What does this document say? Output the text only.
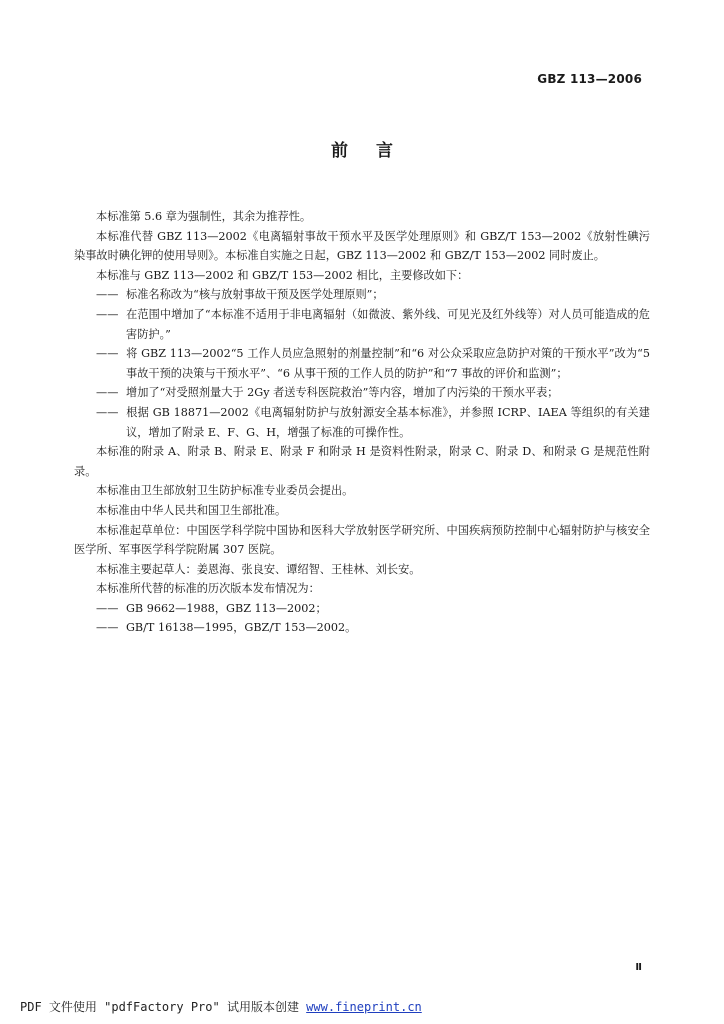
GBZ 113—2006
前言

本标准第 5.6 章为强制性，其余为推荐性。

本标准代替 GBZ 113—2002《电离辐射事故干预水平及医学处理原则》和 GBZ/T 153—2002《放射性碘污染事故时碘化钾的使用导则》。本标准自实施之日起，GBZ 113—2002 和 GBZ/T 153—2002 同时废止。

本标准与 GBZ 113—2002 和 GBZ/T 153—2002 相比，主要修改如下：

—— 标准名称改为“核与放射事故干预及医学处理原则”；

—— 在范围中增加了“本标准不适用于非电离辐射（如微波、紫外线、可见光及红外线等）对人员可能造成的危害防护。”

—— 将 GBZ 113—2002“5 工作人员应急照射的剂量控制”和“6 对公众采取应急防护对策的干预水平”改为“5 事故干预的决策与干预水平”、“6 从事干预的工作人员的防护”和“7 事故的评价和监测”；

—— 增加了“对受照剂量大于 2Gy 者送专科医院救治”等内容，增加了内污染的干预水平表；

—— 根据 GB 18871—2002《电离辐射防护与放射源安全基本标准》，并参照 ICRP、IAEA 等组织的有关建议，增加了附录 E、F、G、H，增强了标准的可操作性。

本标准的附录 A、附录 B、附录 E、附录 F 和附录 H 是资料性附录，附录 C、附录 D、和附录 G 是规范性附录。

本标准由卫生部放射卫生防护标准专业委员会提出。

本标准由中华人民共和国卫生部批准。

本标准起草单位：中国医学科学院中国协和医科大学放射医学研究所、中国疾病预防控制中心辐射防护与核安全医学所、军事医学科学院附属 307 医院。

本标准主要起草人：姜恩海、张良安、谭绍智、王桂林、刘长安。

本标准所代替的标准的历次版本发布情况为：

—— GB 9662—1988，GBZ 113—2002；

—— GB/T 16138—1995，GBZ/T 153—2002。

Ⅱ
PDF 文件使用 "pdfFactory Pro" 试用版本创建 www.fineprint.cn
